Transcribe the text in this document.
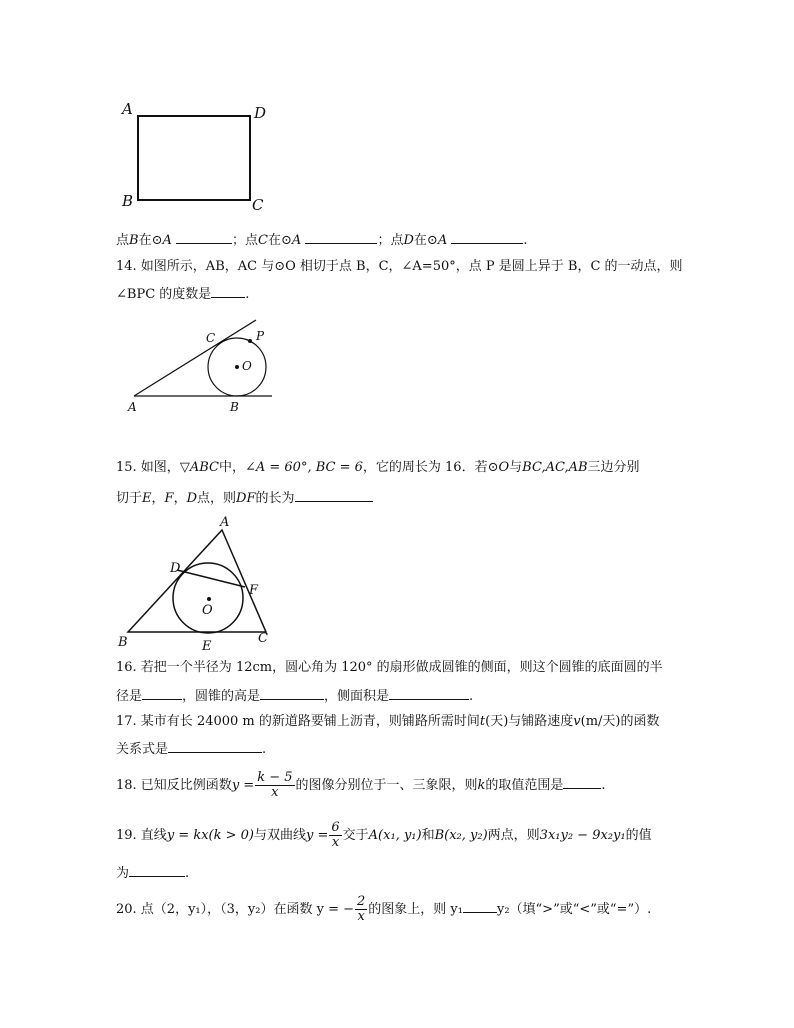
A	D
B	C
点B在⊙A	；点C在⊙A	；点D在⊙A	.
14. 如图所示，AB，AC 与⊙O 相切于点 B，C，∠A=50°，点 P 是圆上异于 B，C 的一动点，则
∠BPC 的度数是	.
C	P
O
A	B
15. 如图，▽ABC中，∠A = 60°, BC = 6，它的周长为 16．若⊙O与BC,AC,AB三边分别
切于E，F，D点，则DF的长为
A
D
F
O
B	E
C
16. 若把一个半径为 12cm，圆心角为 120° 的扇形做成圆锥的侧面，则这个圆锥的底面圆的半
径是	，圆锥的高是	，侧面积是	.
17. 某市有长 24000 m 的新道路要铺上沥青，则铺路所需时间t(天)与铺路速度v(m/天)的函数
关系式是	.
18. 已知反比例函数$y = \frac{k - 5}{x}$ 的图像分别位于一、三象限，则k的取值范围是	.
19. 直线y = kx(k > 0)与双曲线$y = \frac{6}{x}$ 交于A(x₁, y₁)和B(x₂, y₂)两点，则3x₁y₂ − 9x₂y₁的值
为	.
20. 点（2，y₁），（3，y₂）在函数 y = − $\frac{2}{x}$ 的图象上，则 y₁	y₂（填“>”或“<”或“=”）.
